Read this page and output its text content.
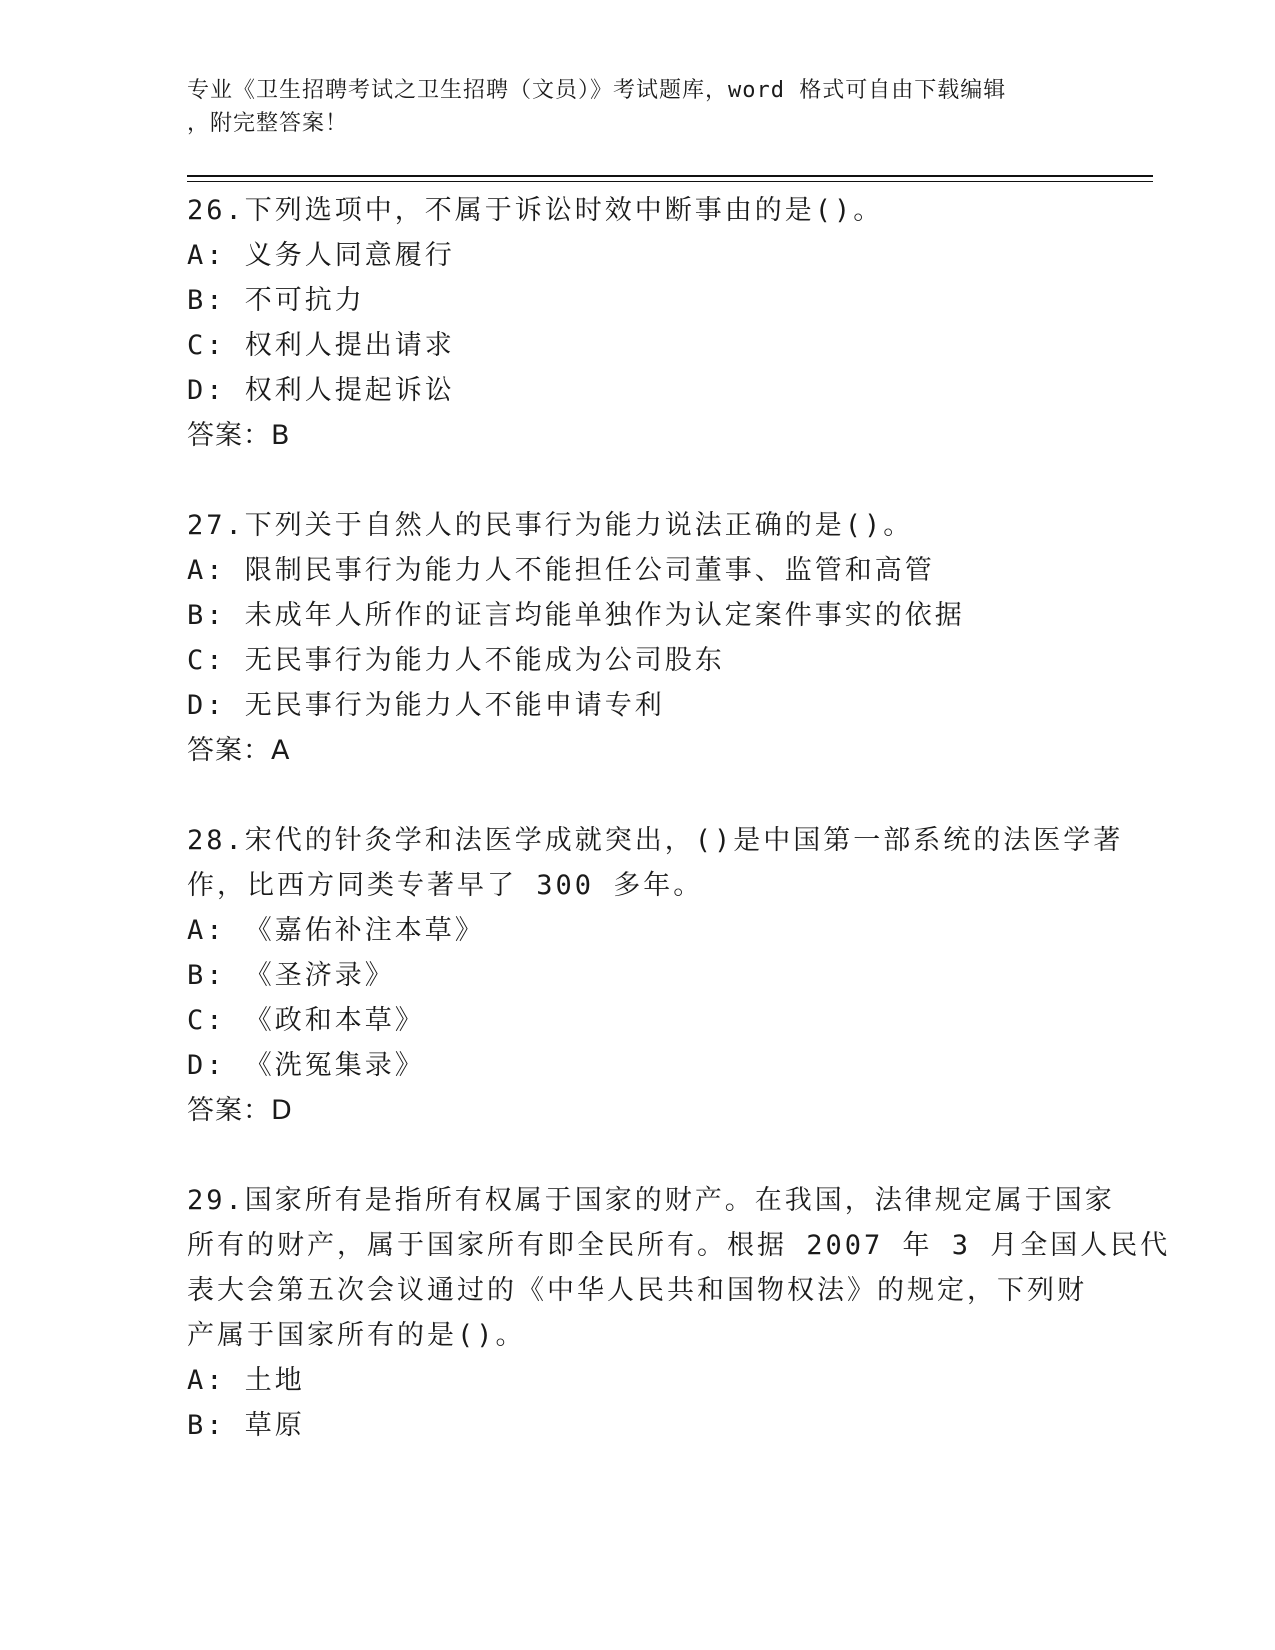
专业《卫生招聘考试之卫生招聘（文员）》考试题库，word 格式可自由下载编辑
，附完整答案！
26.下列选项中，不属于诉讼时效中断事由的是()。
A: 义务人同意履行
B: 不可抗力
C: 权利人提出请求
D: 权利人提起诉讼
答案：B
27.下列关于自然人的民事行为能力说法正确的是()。
A: 限制民事行为能力人不能担任公司董事、监管和高管
B: 未成年人所作的证言均能单独作为认定案件事实的依据
C: 无民事行为能力人不能成为公司股东
D: 无民事行为能力人不能申请专利
答案：A
28.宋代的针灸学和法医学成就突出，()是中国第一部系统的法医学著
作，比西方同类专著早了 300 多年。
A: 《嘉佑补注本草》
B: 《圣济录》
C: 《政和本草》
D: 《洗冤集录》
答案：D
29.国家所有是指所有权属于国家的财产。在我国，法律规定属于国家
所有的财产，属于国家所有即全民所有。根据 2007 年 3 月全国人民代
表大会第五次会议通过的《中华人民共和国物权法》的规定，下列财
产属于国家所有的是()。
A: 土地
B: 草原
